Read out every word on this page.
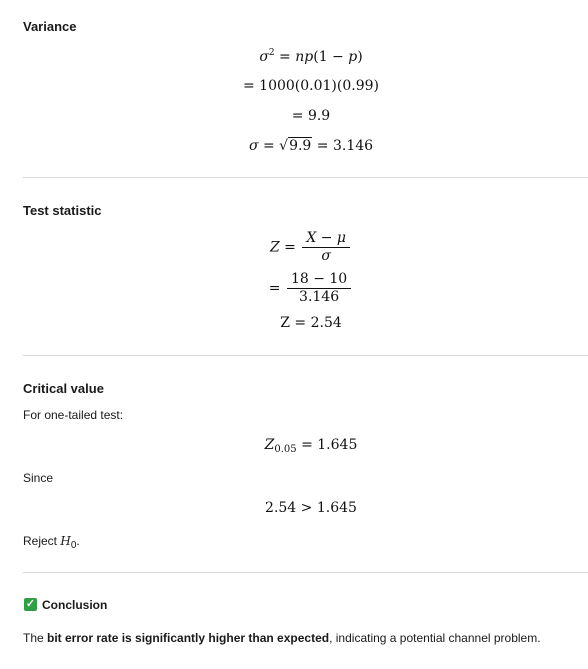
Variance
$\sigma^2 = np(1 - p)$
= 1000(0.01)(0.99)
= 9.9
σ = √9.9 = 3.146
Test statistic
$Z = \frac{X - \mu}{\sigma}$
= $\frac{18 - 10}{3.146}$
Z = 2.54
Critical value
For one-tailed test:
$Z_{0.05} = 1.645$
Since
2.54 > 1.645
Reject $H_0$.
✓ Conclusion
The bit error rate is significantly higher than expected, indicating a potential channel problem.
